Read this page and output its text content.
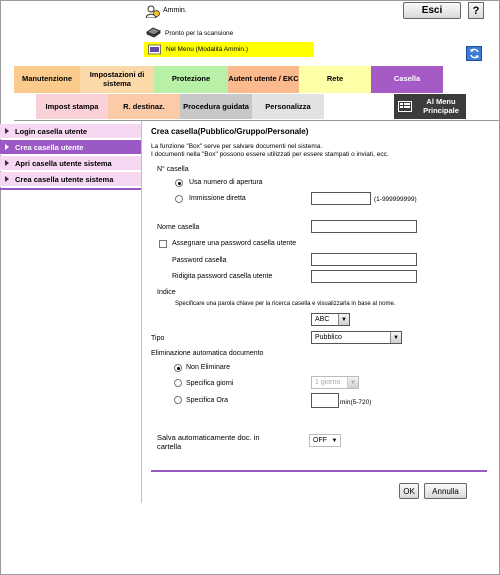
Ammin.	Esci	?
Pronto per la scansione
Nel Menu (Modalità Ammin.)
Manutenzione	Impostazioni di sistema	Protezione	Autent utente / EKC	Rete	Casella
Impost stampa	R. destinaz.	Procedura guidata	Personalizza
Al Menu Principale
Login casella utente
Crea casella utente
Apri casella utente sistema
Crea casella utente sistema
Crea casella(Pubblico/Gruppo/Personale)
La funzione "Box" serve per salvare documenti nel sistema.
I documenti nella "Box" possono essere utilizzati per essere stampati o inviati, ecc.
N° casella
Usa numero di apertura
Immissione diretta	(1-999999999)
Nome casella
Assegnare una password casella utente
Password casella
Ridigita password casella utente
Indice
Specificare una parola chiave per la ricerca casella e visualizzarla in base al nome.
ABC	▼
Tipo	Pubblico	▼
Eliminazione automatica documento
Non Eliminare
Specifica giorni	1 giorno	▼
Specifica Ora	min(5-720)
Salva automaticamente doc. in cartella
OFF ▼
OK	Annulla
